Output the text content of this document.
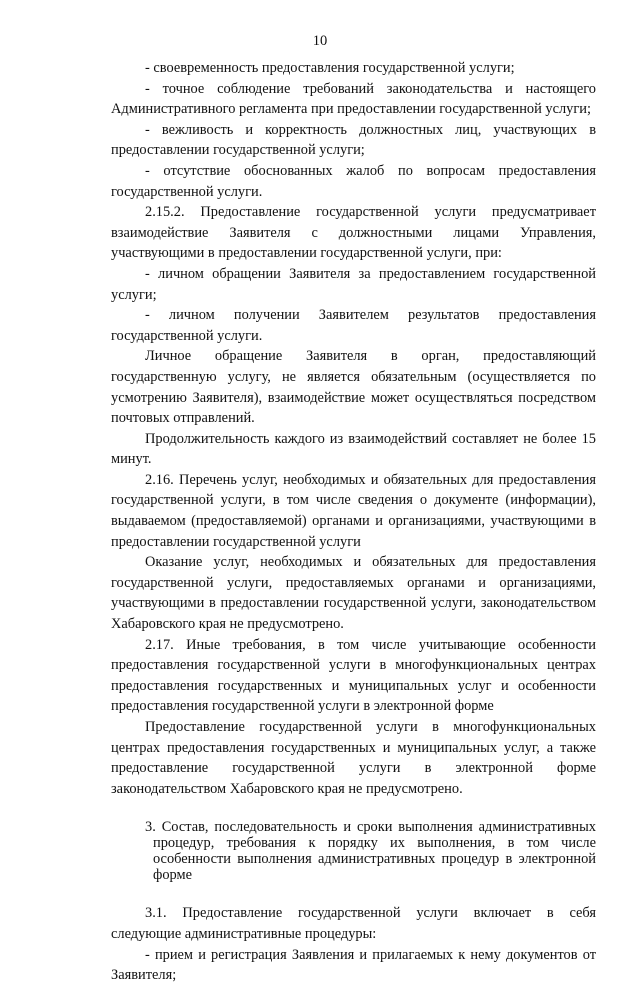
10

- своевременность предоставления государственной услуги;

- точное соблюдение требований законодательства и настоящего Административного регламента при предоставлении государственной услуги;

- вежливость и корректность должностных лиц, участвующих в предоставлении государственной услуги;

- отсутствие обоснованных жалоб по вопросам предоставления государственной услуги.

2.15.2. Предоставление государственной услуги предусматривает взаимодействие Заявителя с должностными лицами Управления, участвующими в предоставлении государственной услуги, при:

- личном обращении Заявителя за предоставлением государственной услуги;

- личном получении Заявителем результатов предоставления государственной услуги.

Личное обращение Заявителя в орган, предоставляющий государственную услугу, не является обязательным (осуществляется по усмотрению Заявителя), взаимодействие может осуществляться посредством почтовых отправлений.

Продолжительность каждого из взаимодействий составляет не более 15 минут.

2.16. Перечень услуг, необходимых и обязательных для предоставления государственной услуги, в том числе сведения о документе (информации), выдаваемом (предоставляемой) органами и организациями, участвующими в предоставлении государственной услуги

Оказание услуг, необходимых и обязательных для предоставления государственной услуги, предоставляемых органами и организациями, участвующими в предоставлении государственной услуги, законодательством Хабаровского края не предусмотрено.

2.17. Иные требования, в том числе учитывающие особенности предоставления государственной услуги в многофункциональных центрах предоставления государственных и муниципальных услуг и особенности предоставления государственной услуги в электронной форме

Предоставление государственной услуги в многофункциональных центрах предоставления государственных и муниципальных услуг, а также предоставление государственной услуги в электронной форме законодательством Хабаровского края не предусмотрено.

3. Состав, последовательность и сроки выполнения административных процедур, требования к порядку их выполнения, в том числе особенности выполнения административных процедур в электронной форме

3.1. Предоставление государственной услуги включает в себя следующие административные процедуры:

- прием и регистрация Заявления и прилагаемых к нему документов от Заявителя;
